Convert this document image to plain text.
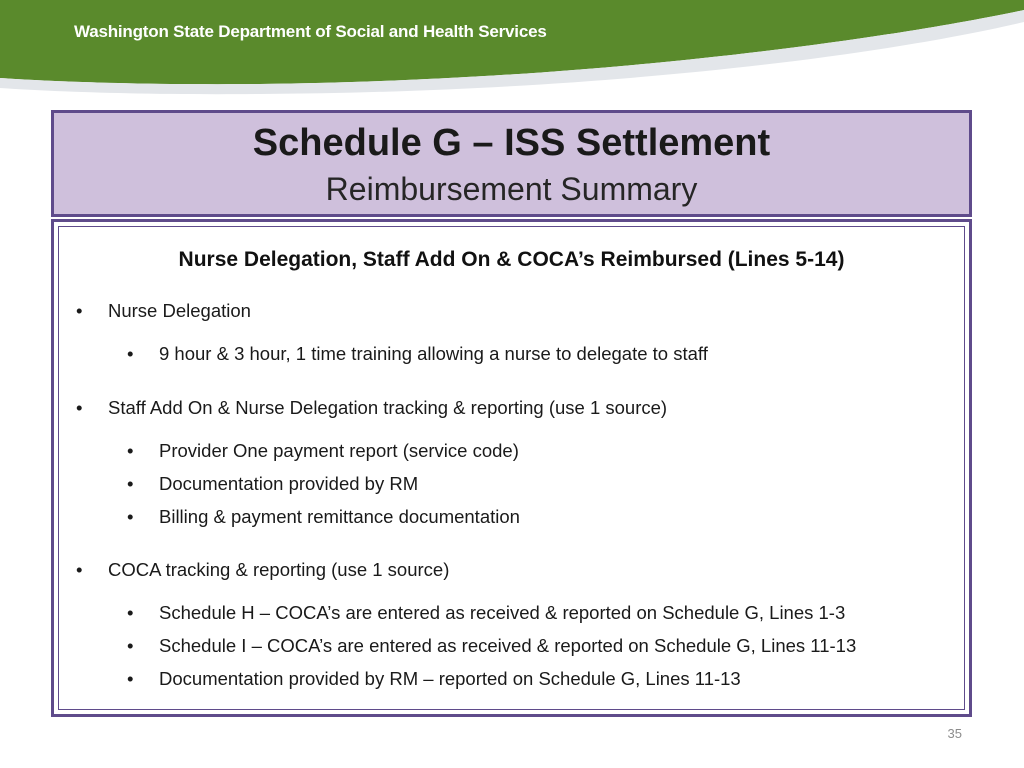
Washington State Department of Social and Health Services
Schedule G – ISS Settlement
Reimbursement Summary
Nurse Delegation, Staff Add On & COCA’s Reimbursed (Lines 5-14)
• Nurse Delegation
• 9 hour & 3 hour, 1 time training allowing a nurse to delegate to staff
• Staff Add On & Nurse Delegation tracking & reporting (use 1 source)
• Provider One payment report (service code)
• Documentation provided by RM
• Billing & payment remittance documentation
• COCA tracking & reporting (use 1 source)
• Schedule H – COCA’s are entered as received & reported on Schedule G, Lines 1-3
• Schedule I – COCA’s are entered as received & reported on Schedule G, Lines 11-13
• Documentation provided by RM – reported on Schedule G, Lines 11-13
35
